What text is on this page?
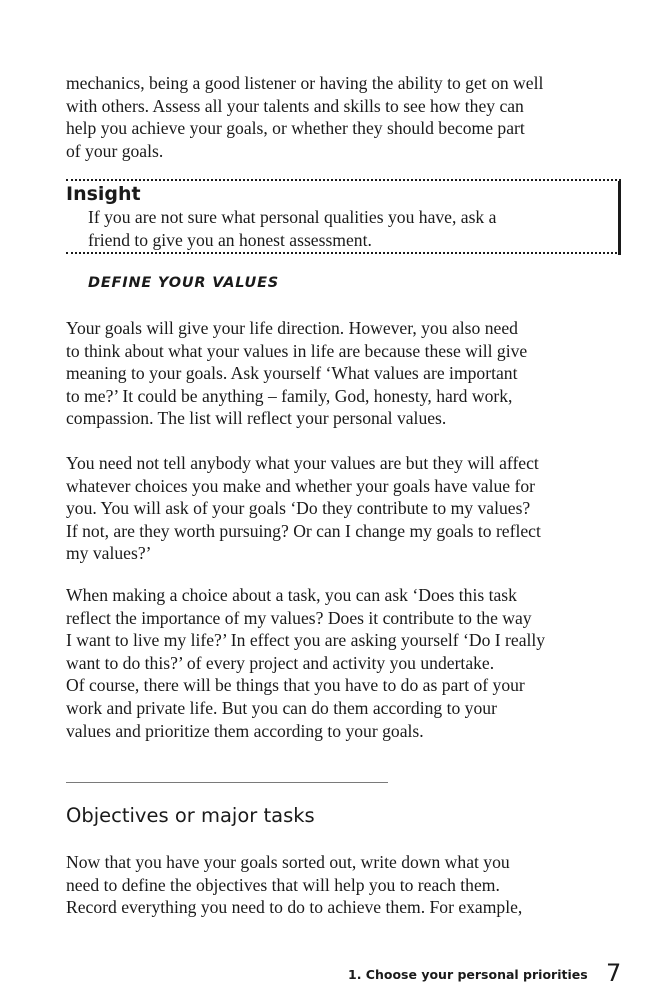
mechanics, being a good listener or having the ability to get on well
with others. Assess all your talents and skills to see how they can
help you achieve your goals, or whether they should become part
of your goals.

Insight

If you are not sure what personal qualities you have, ask a
friend to give you an honest assessment.

DEFINE YOUR VALUES

Your goals will give your life direction. However, you also need
to think about what your values in life are because these will give
meaning to your goals. Ask yourself ‘What values are important
to me?’ It could be anything – family, God, honesty, hard work,
compassion. The list will reflect your personal values.

You need not tell anybody what your values are but they will affect
whatever choices you make and whether your goals have value for
you. You will ask of your goals ‘Do they contribute to my values?
If not, are they worth pursuing? Or can I change my goals to reflect
my values?’

When making a choice about a task, you can ask ‘Does this task
reflect the importance of my values? Does it contribute to the way
I want to live my life?’ In effect you are asking yourself ‘Do I really
want to do this?’ of every project and activity you undertake.
Of course, there will be things that you have to do as part of your
work and private life. But you can do them according to your
values and prioritize them according to your goals.

Objectives or major tasks

Now that you have your goals sorted out, write down what you
need to define the objectives that will help you to reach them.
Record everything you need to do to achieve them. For example,

1. Choose your personal priorities 7
